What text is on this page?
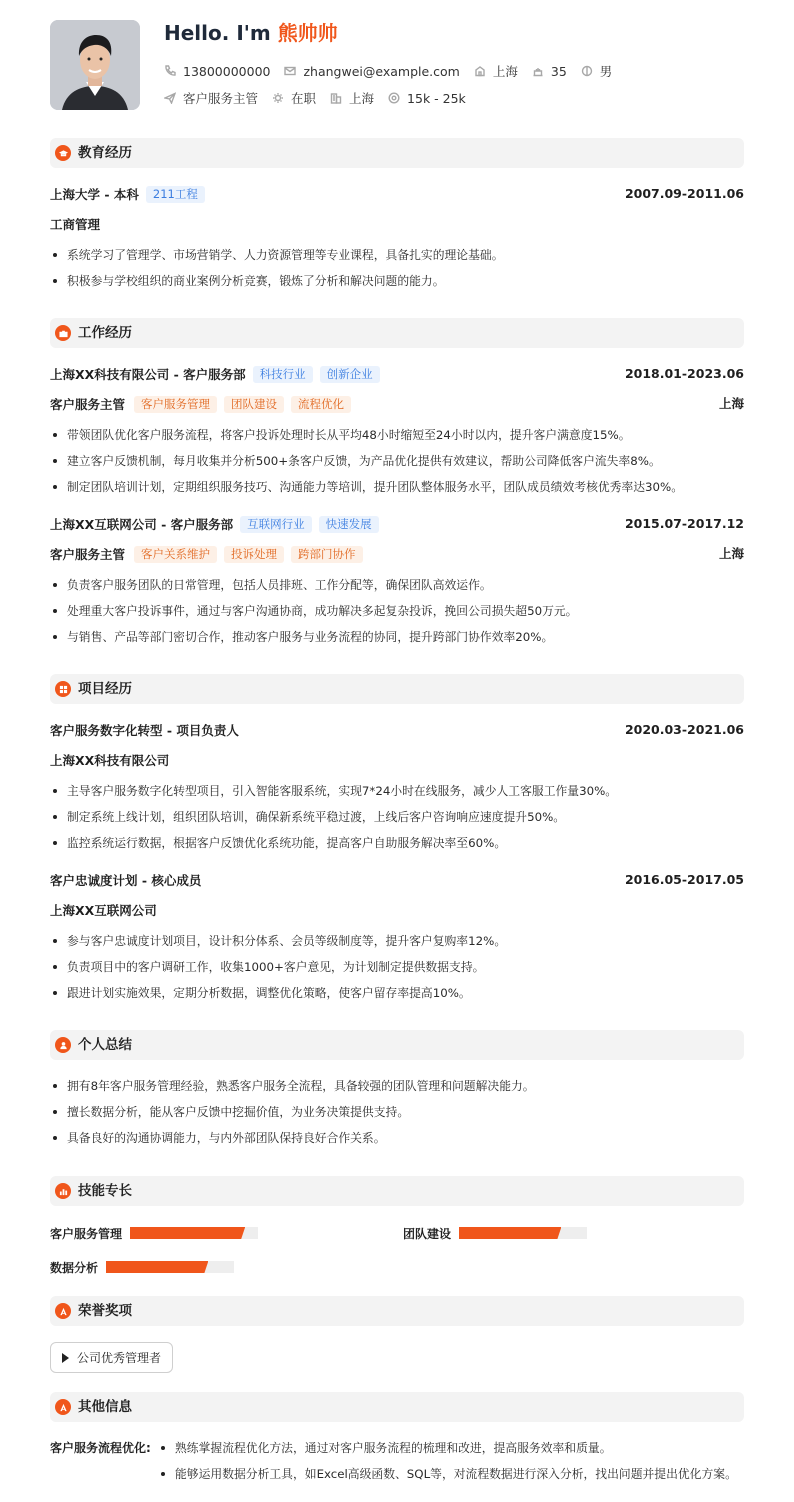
Hello. I'm 熊帅帅
13800000000	zhangwei@example.com	上海	35	男
客户服务主管	在职	上海	15k - 25k
教育经历
上海大学 - 本科	211工程	2007.09-2011.06
工商管理
系统学习了管理学、市场营销学、人力资源管理等专业课程，具备扎实的理论基础。
积极参与学校组织的商业案例分析竞赛，锻炼了分析和解决问题的能力。
工作经历
上海XX科技有限公司 - 客户服务部	科技行业	创新企业	2018.01-2023.06
客户服务主管	客户服务管理	团队建设	流程优化	上海
带领团队优化客户服务流程，将客户投诉处理时长从平均48小时缩短至24小时以内，提升客户满意度15%。
建立客户反馈机制，每月收集并分析500+条客户反馈，为产品优化提供有效建议，帮助公司降低客户流失率8%。
制定团队培训计划，定期组织服务技巧、沟通能力等培训，提升团队整体服务水平，团队成员绩效考核优秀率达30%。
上海XX互联网公司 - 客户服务部	互联网行业	快速发展	2015.07-2017.12
客户服务主管	客户关系维护	投诉处理	跨部门协作	上海
负责客户服务团队的日常管理，包括人员排班、工作分配等，确保团队高效运作。
处理重大客户投诉事件，通过与客户沟通协商，成功解决多起复杂投诉，挽回公司损失超50万元。
与销售、产品等部门密切合作，推动客户服务与业务流程的协同，提升跨部门协作效率20%。
项目经历
客户服务数字化转型 - 项目负责人	2020.03-2021.06
上海XX科技有限公司
主导客户服务数字化转型项目，引入智能客服系统，实现7*24小时在线服务，减少人工客服工作量30%。
制定系统上线计划，组织团队培训，确保新系统平稳过渡，上线后客户咨询响应速度提升50%。
监控系统运行数据，根据客户反馈优化系统功能，提高客户自助服务解决率至60%。
客户忠诚度计划 - 核心成员	2016.05-2017.05
上海XX互联网公司
参与客户忠诚度计划项目，设计积分体系、会员等级制度等，提升客户复购率12%。
负责项目中的客户调研工作，收集1000+客户意见，为计划制定提供数据支持。
跟进计划实施效果，定期分析数据，调整优化策略，使客户留存率提高10%。
个人总结
拥有8年客户服务管理经验，熟悉客户服务全流程，具备较强的团队管理和问题解决能力。
擅长数据分析，能从客户反馈中挖掘价值，为业务决策提供支持。
具备良好的沟通协调能力，与内外部团队保持良好合作关系。
技能专长
客户服务管理	团队建设
数据分析
荣誉奖项
公司优秀管理者
其他信息
客户服务流程优化:	熟练掌握流程优化方法，通过对客户服务流程的梳理和改进，提高服务效率和质量。
能够运用数据分析工具，如Excel高级函数、SQL等，对流程数据进行深入分析，找出问题并提出优化方案。
